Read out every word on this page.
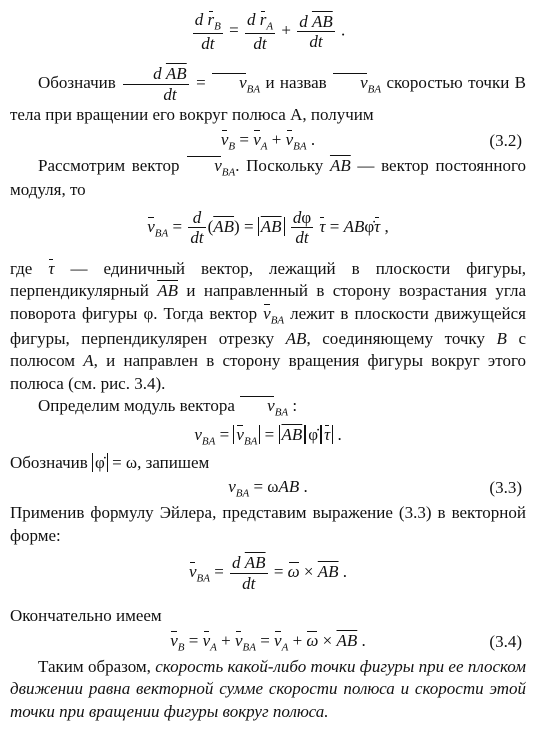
$\frac{d r_B}{dt} = \frac{d r_A}{dt} + \frac{d \overline{AB}}{dt}$ .

Обозначив $\frac{d \overline{AB}}{dt} = v_{BA}$ и назвав $v_{BA}$ скоростью точки B тела при вращении его вокруг полюса A, получим

$v_B = v_A + v_{BA}$ .	(3.2)

Рассмотрим вектор $v_{BA}$. Поскольку $\overline{AB}$ — вектор постоянного модуля, то

$v_{BA} = \frac{d}{dt} (\overline{AB}) = \overline{AB} \frac{d\varphi}{dt}$ τ = ABφ̇τ ,

где τ — единичный вектор, лежащий в плоскости фигуры, перпендикулярный $\overline{AB}$ и направленный в сторону возрастания угла поворота фигуры φ. Тогда вектор $v_{BA}$ лежит в плоскости движущейся фигуры, перпендикулярен отрезку AB, соединяющему точку B с полюсом A, и направлен в сторону вращения фигуры вокруг этого полюса (см. рис. 3.4).

Определим модуль вектора $v_{BA}$ :

$v_{BA} = v_{BA} = \overline{AB}$ φ̇ τ .

Обозначив φ̇ = ω, запишем

$v_{BA} = \omega AB$ .	(3.3)

Применив формулу Эйлера, представим выражение (3.3) в векторной форме:

$v_{BA} = \frac{d \overline{AB}}{dt} = \omega \times \overline{AB}$ .

Окончательно имеем

$v_B = v_A + v_{BA} = v_A + \omega \times \overline{AB}$ .	(3.4)

Таким образом, скорость какой-либо точки фигуры при ее плоском движении равна векторной сумме скорости полюса и скорости этой точки при вращении фигуры вокруг полюса.
